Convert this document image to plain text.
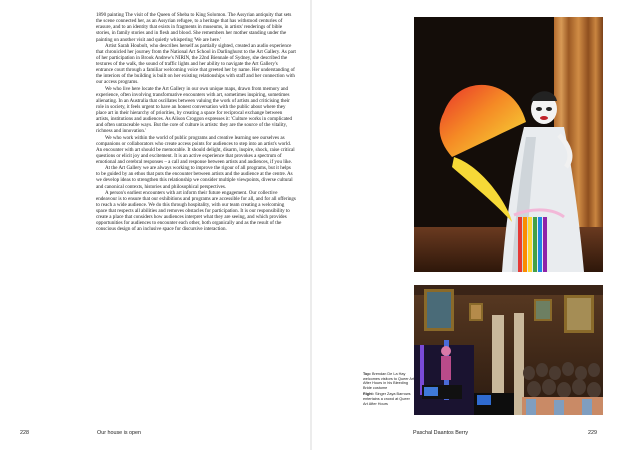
1890 painting The visit of the Queen of Sheba to King Solomon. The Assyrian antiquity that sets the scene connected her, as an Assyrian refugee, to a heritage that has withstood centuries of erasure, and to an identity that exists in fragments in museums, in artists' renderings of bible stories, in family stories and in flesh and blood. She remembers her mother standing under the painting on another visit and quietly whispering 'We are here.'

Artist Sarah Houbolt, who describes herself as partially sighted, created an audio experience that chronicled her journey from the National Art School in Darlinghurst to the Art Gallery. As part of her participation in Brook Andrew's NIRIN, the 22nd Biennale of Sydney, she described the textures of the walk, the sound of traffic lights and her ability to navigate the Art Gallery's entrance court through a familiar welcoming voice that greeted her by name. Her understanding of the interiors of the building is built on her existing relationships with staff and her connection with our access programs.

We who live here locate the Art Gallery in our own unique maps, drawn from memory and experience, often involving transformative encounters with art, sometimes inspiring, sometimes alienating. In an Australia that oscillates between valuing the work of artists and criticising their role in society, it feels urgent to have an honest conversation with the public about where they place art in their hierarchy of priorities, by creating a space for reciprocal exchange between artists, institutions and audiences. As Alison Croggon expresses it: 'Culture works in complicated and often untraceable ways. But the core of culture is artists: they are the source of the vitality, richness and innovation.'

We who work within the world of public programs and creative learning see ourselves as companions or collaborators who create access points for audiences to step into an artist's world. An encounter with art should be memorable. It should delight, disarm, inspire, shock, raise critical questions or elicit joy and excitement. It is an active experience that provokes a spectrum of emotional and cerebral responses – a call and response between artists and audiences, if you like.

At the Art Gallery we are always working to improve the rigour of all programs, but it helps to be guided by an ethos that puts the encounter between artists and the audience at the centre. As we develop ideas to strengthen this relationship we consider multiple viewpoints, diverse cultural and canonical contexts, histories and philosophical perspectives.

A person's earliest encounters with art inform their future engagement. Our collective endeavour is to ensure that our exhibitions and programs are accessible for all, and for all offerings to reach a wide audience. We do this through hospitality, with our team creating a welcoming space that respects all abilities and removes obstacles for participation. It is our responsibility to create a place that considers how audiences interpret what they are seeing, and which provides opportunities for audiences to encounter each other, both organically and as the result of the conscious design of an inclusive space for discursive interaction.

Top: Brendan De La Hay welcomes visitors to Queer Art After Hours in his Bleeding Bride costume

Right: Singer Zaya Barrows entertains a crowd at Queer Art After Hours

228	Our house is open	Paschal Daantos Berry	229
